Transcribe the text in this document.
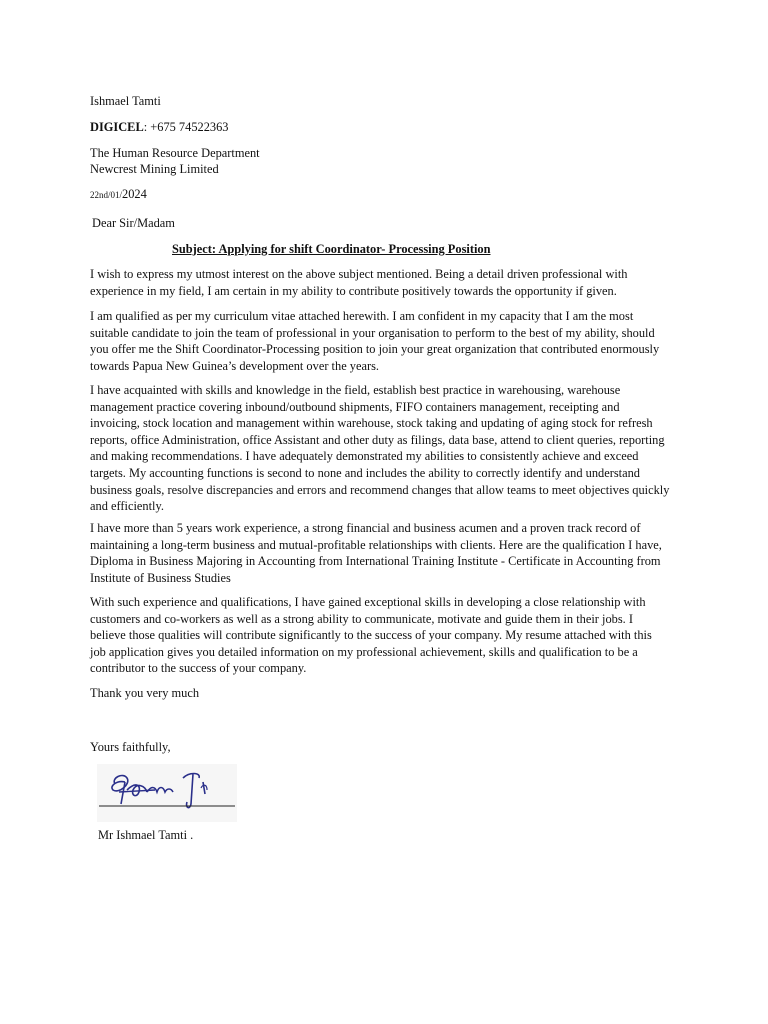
Ishmael Tamti
DIGICEL: +675 74522363
The Human Resource Department
Newcrest Mining Limited
22nd/01/2024
Dear Sir/Madam
Subject: Applying for shift Coordinator- Processing Position

I wish to express my utmost interest on the above subject mentioned. Being a detail driven professional with

experience in my field, I am certain in my ability to contribute positively towards the opportunity if given.

I am qualified as per my curriculum vitae attached herewith. I am confident in my capacity that I am the most

suitable candidate to join the team of professional in your organisation to perform to the best of my ability, should

you offer me the Shift Coordinator-Processing position to join your great organization that contributed enormously

towards Papua New Guinea’s development over the years.

I have acquainted with skills and knowledge in the field, establish best practice in warehousing, warehouse

management practice covering inbound/outbound shipments, FIFO containers management, receipting and

invoicing, stock location and management within warehouse, stock taking and updating of aging stock for refresh

reports, office Administration, office Assistant and other duty as filings, data base, attend to client queries, reporting

and making recommendations. I have adequately demonstrated my abilities to consistently achieve and exceed

targets. My accounting functions is second to none and includes the ability to correctly identify and understand

business goals, resolve discrepancies and errors and recommend changes that allow teams to meet objectives quickly

and efficiently.

I have more than 5 years work experience, a strong financial and business acumen and a proven track record of

maintaining a long-term business and mutual-profitable relationships with clients. Here are the qualification I have,

Diploma in Business Majoring in Accounting from International Training Institute - Certificate in Accounting from

Institute of Business Studies

With such experience and qualifications, I have gained exceptional skills in developing a close relationship with

customers and co-workers as well as a strong ability to communicate, motivate and guide them in their jobs. I

believe those qualities will contribute significantly to the success of your company. My resume attached with this

job application gives you detailed information on my professional achievement, skills and qualification to be a

contributor to the success of your company.

Thank you very much
Yours faithfully,
Mr Ishmael Tamti .
